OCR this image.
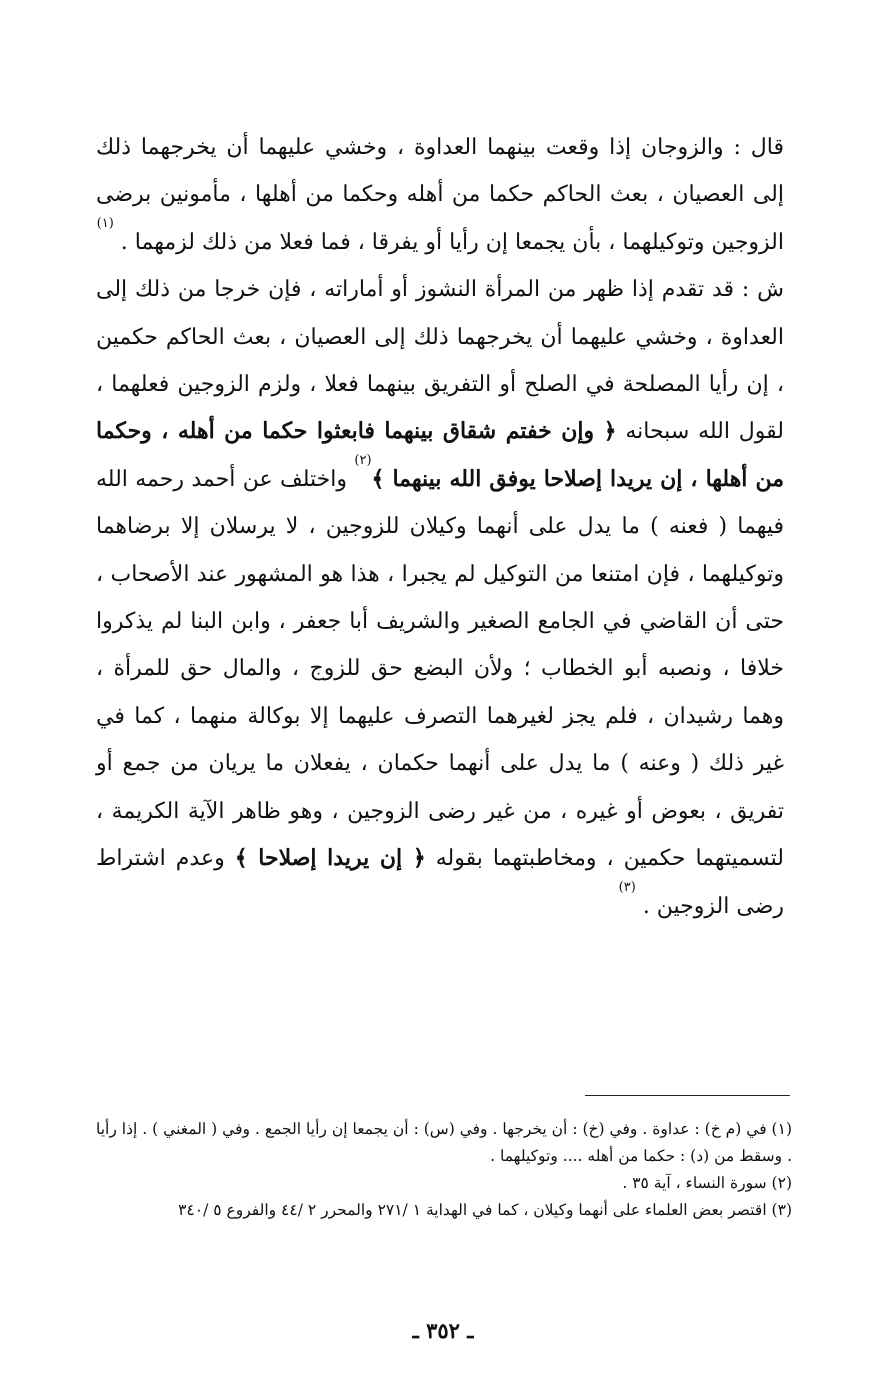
قال : والزوجان إذا وقعت بينهما العداوة ، وخشي عليهما أن يخرجهما ذلك إلى العصيان ، بعث الحاكم حكما من أهله وحكما من أهلها ، مأمونين برضى الزوجين وتوكيلهما ، بأن يجمعا إن رأيا أو يفرقا ، فما فعلا من ذلك لزمهما . $^{(١)}$

ش : قد تقدم إذا ظهر من المرأة النشوز أو أماراته ، فإن خرجا من ذلك إلى العداوة ، وخشي عليهما أن يخرجهما ذلك إلى العصيان ، بعث الحاكم حكمين ، إن رأيا المصلحة في الصلح أو التفريق بينهما فعلا ، ولزم الزوجين فعلهما ، لقول الله سبحانه ﴿ وإن خفتم شقاق بينهما فابعثوا حكما من أهله ، وحكما من أهلها ، إن يريدا إصلاحا يوفق الله بينهما ﴾$^{(٢)}$ واختلف عن أحمد رحمه الله فيهما ( فعنه ) ما يدل على أنهما وكيلان للزوجين ، لا يرسلان إلا برضاهما وتوكيلهما ، فإن امتنعا من التوكيل لم يجبرا ، هذا هو المشهور عند الأصحاب ، حتى أن القاضي في الجامع الصغير والشريف أبا جعفر ، وابن البنا لم يذكروا خلافا ، ونصبه أبو الخطاب ؛ ولأن البضع حق للزوج ، والمال حق للمرأة ، وهما رشيدان ، فلم يجز لغيرهما التصرف عليهما إلا بوكالة منهما ، كما في غير ذلك ( وعنه ) ما يدل على أنهما حكمان ، يفعلان ما يريان من جمع أو تفريق ، بعوض أو غيره ، من غير رضى الزوجين ، وهو ظاهر الآية الكريمة ، لتسميتهما حكمين ، ومخاطبتهما بقوله ﴿ إن يريدا إصلاحا ﴾ وعدم اشتراط رضى الزوجين . $^{(٣)}$

(١) في (م خ) : عداوة . وفي (خ) : أن يخرجها . وفي (س) : أن يجمعا إن رأيا الجمع . وفي ( المغني ) . إذا رأيا . وسقط من (د) : حكما من أهله .... وتوكيلهما .

(٢) سورة النساء ، آية ٣٥ .

(٣) اقتصر بعض العلماء على أنهما وكيلان ، كما في الهداية ١ /٢٧١ والمحرر ٢ /٤٤ والفروع ٥ /٣٤٠

ـ ٣٥٢ ـ
